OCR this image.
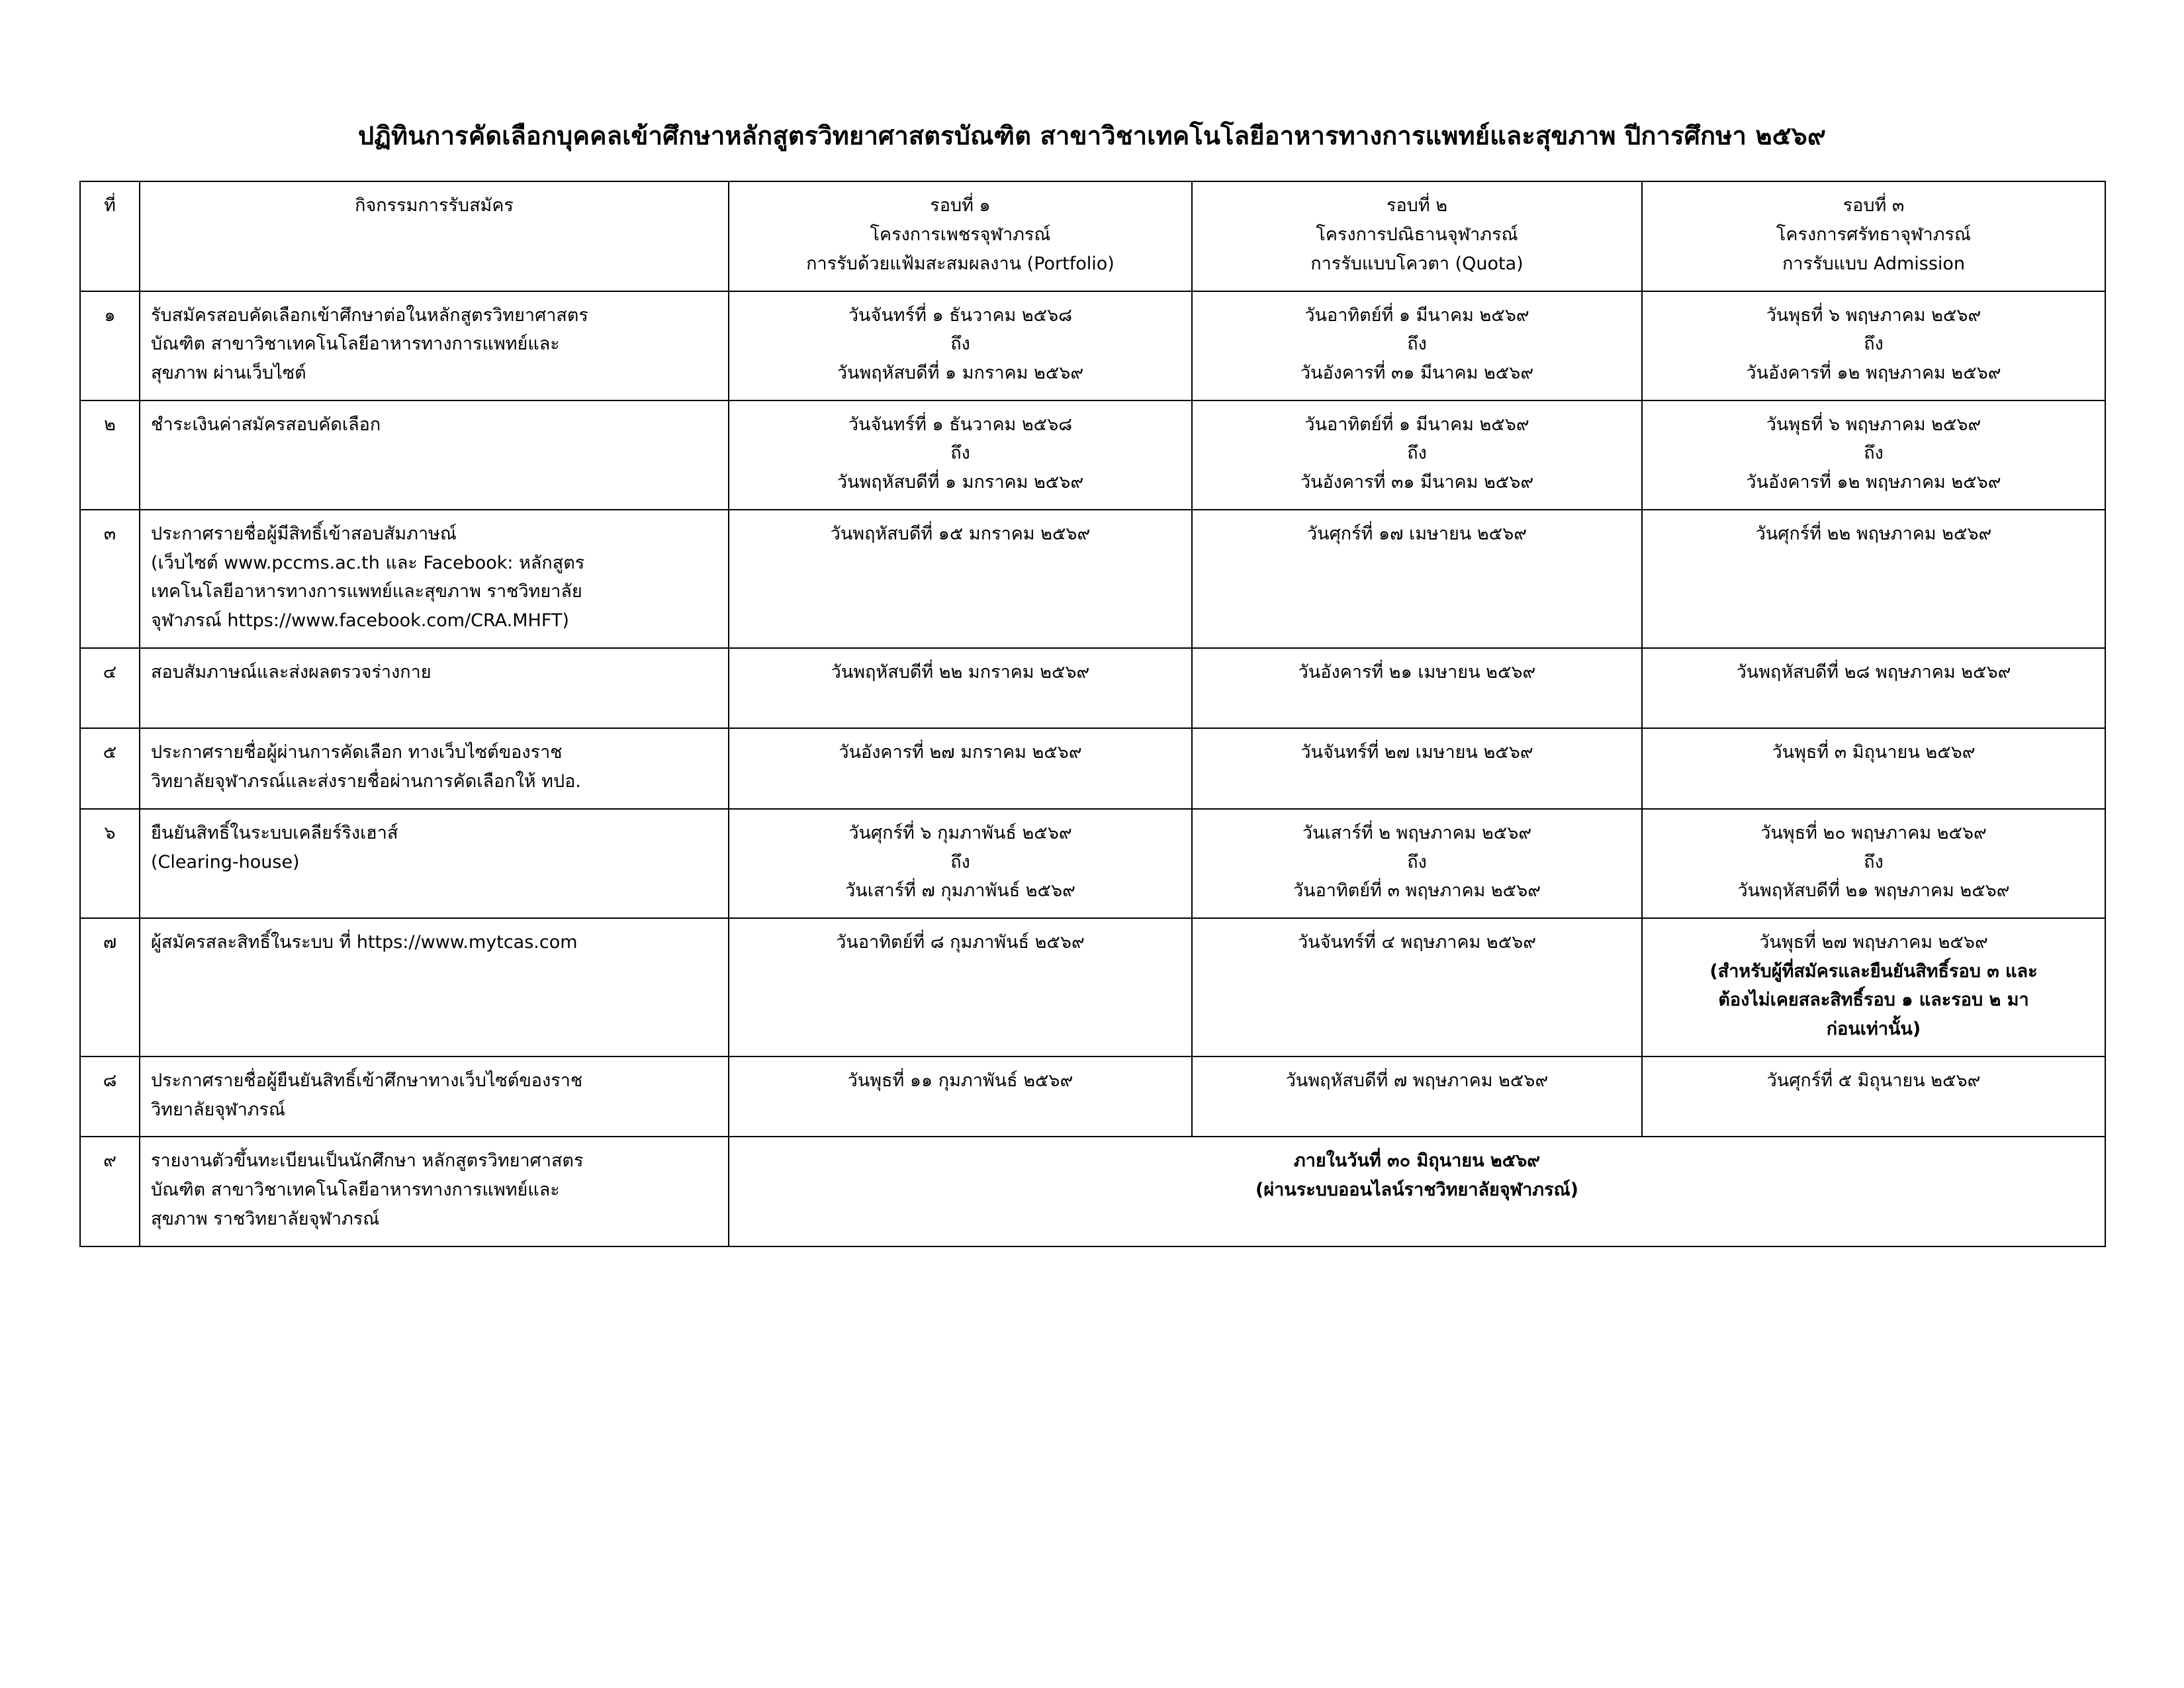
ปฏิทินการคัดเลือกบุคคลเข้าศึกษาหลักสูตรวิทยาศาสตรบัณฑิต สาขาวิชาเทคโนโลยีอาหารทางการแพทย์และสุขภาพ ปีการศึกษา ๒๕๖๙
ที่	กิจกรรมการรับสมัคร	รอบที่ ๑
โครงการเพชรจุฬาภรณ์
การรับด้วยแฟ้มสะสมผลงาน (Portfolio)	รอบที่ ๒
โครงการปณิธานจุฬาภรณ์
การรับแบบโควตา (Quota)	รอบที่ ๓
โครงการศรัทธาจุฬาภรณ์
การรับแบบ Admission

๑	รับสมัครสอบคัดเลือกเข้าศึกษาต่อในหลักสูตรวิทยาศาสตร
บัณฑิต สาขาวิชาเทคโนโลยีอาหารทางการแพทย์และ
สุขภาพ ผ่านเว็บไซต์	วันจันทร์ที่ ๑ ธันวาคม ๒๕๖๘
ถึง
วันพฤหัสบดีที่ ๑ มกราคม ๒๕๖๙	วันอาทิตย์ที่ ๑ มีนาคม ๒๕๖๙
ถึง
วันอังคารที่ ๓๑ มีนาคม ๒๕๖๙	วันพุธที่ ๖ พฤษภาคม ๒๕๖๙
ถึง
วันอังคารที่ ๑๒ พฤษภาคม ๒๕๖๙

๒	ชำระเงินค่าสมัครสอบคัดเลือก	วันจันทร์ที่ ๑ ธันวาคม ๒๕๖๘
ถึง
วันพฤหัสบดีที่ ๑ มกราคม ๒๕๖๙	วันอาทิตย์ที่ ๑ มีนาคม ๒๕๖๙
ถึง
วันอังคารที่ ๓๑ มีนาคม ๒๕๖๙	วันพุธที่ ๖ พฤษภาคม ๒๕๖๙
ถึง
วันอังคารที่ ๑๒ พฤษภาคม ๒๕๖๙

๓	ประกาศรายชื่อผู้มีสิทธิ์เข้าสอบสัมภาษณ์
(เว็บไซต์ www.pccms.ac.th และ Facebook: หลักสูตร
เทคโนโลยีอาหารทางการแพทย์และสุขภาพ ราชวิทยาลัย
จุฬาภรณ์ https://www.facebook.com/CRA.MHFT)	วันพฤหัสบดีที่ ๑๕ มกราคม ๒๕๖๙	วันศุกร์ที่ ๑๗ เมษายน ๒๕๖๙	วันศุกร์ที่ ๒๒ พฤษภาคม ๒๕๖๙

๔	สอบสัมภาษณ์และส่งผลตรวจร่างกาย	วันพฤหัสบดีที่ ๒๒ มกราคม ๒๕๖๙	วันอังคารที่ ๒๑ เมษายน ๒๕๖๙	วันพฤหัสบดีที่ ๒๘ พฤษภาคม ๒๕๖๙

๕	ประกาศรายชื่อผู้ผ่านการคัดเลือก ทางเว็บไซต์ของราช
วิทยาลัยจุฬาภรณ์และส่งรายชื่อผ่านการคัดเลือกให้ ทปอ.	วันอังคารที่ ๒๗ มกราคม ๒๕๖๙	วันจันทร์ที่ ๒๗ เมษายน ๒๕๖๙	วันพุธที่ ๓ มิถุนายน ๒๕๖๙

๖	ยืนยันสิทธิ์ในระบบเคลียร์ริงเฮาส์
(Clearing-house)	วันศุกร์ที่ ๖ กุมภาพันธ์ ๒๕๖๙
ถึง
วันเสาร์ที่ ๗ กุมภาพันธ์ ๒๕๖๙	วันเสาร์ที่ ๒ พฤษภาคม ๒๕๖๙
ถึง
วันอาทิตย์ที่ ๓ พฤษภาคม ๒๕๖๙	วันพุธที่ ๒๐ พฤษภาคม ๒๕๖๙
ถึง
วันพฤหัสบดีที่ ๒๑ พฤษภาคม ๒๕๖๙

๗	ผู้สมัครสละสิทธิ์ในระบบ ที่ https://www.mytcas.com	วันอาทิตย์ที่ ๘ กุมภาพันธ์ ๒๕๖๙	วันจันทร์ที่ ๔ พฤษภาคม ๒๕๖๙	วันพุธที่ ๒๗ พฤษภาคม ๒๕๖๙
(สำหรับผู้ที่สมัครและยืนยันสิทธิ์รอบ ๓ และ
ต้องไม่เคยสละสิทธิ์รอบ ๑ และรอบ ๒ มา
ก่อนเท่านั้น)

๘	ประกาศรายชื่อผู้ยืนยันสิทธิ์เข้าศึกษาทางเว็บไซต์ของราช
วิทยาลัยจุฬาภรณ์	วันพุธที่ ๑๑ กุมภาพันธ์ ๒๕๖๙	วันพฤหัสบดีที่ ๗ พฤษภาคม ๒๕๖๙	วันศุกร์ที่ ๕ มิถุนายน ๒๕๖๙

๙	รายงานตัวขึ้นทะเบียนเป็นนักศึกษา หลักสูตรวิทยาศาสตร
บัณฑิต สาขาวิชาเทคโนโลยีอาหารทางการแพทย์และ
สุขภาพ ราชวิทยาลัยจุฬาภรณ์	ภายในวันที่ ๓๐ มิถุนายน ๒๕๖๙
(ผ่านระบบออนไลน์ราชวิทยาลัยจุฬาภรณ์)		
